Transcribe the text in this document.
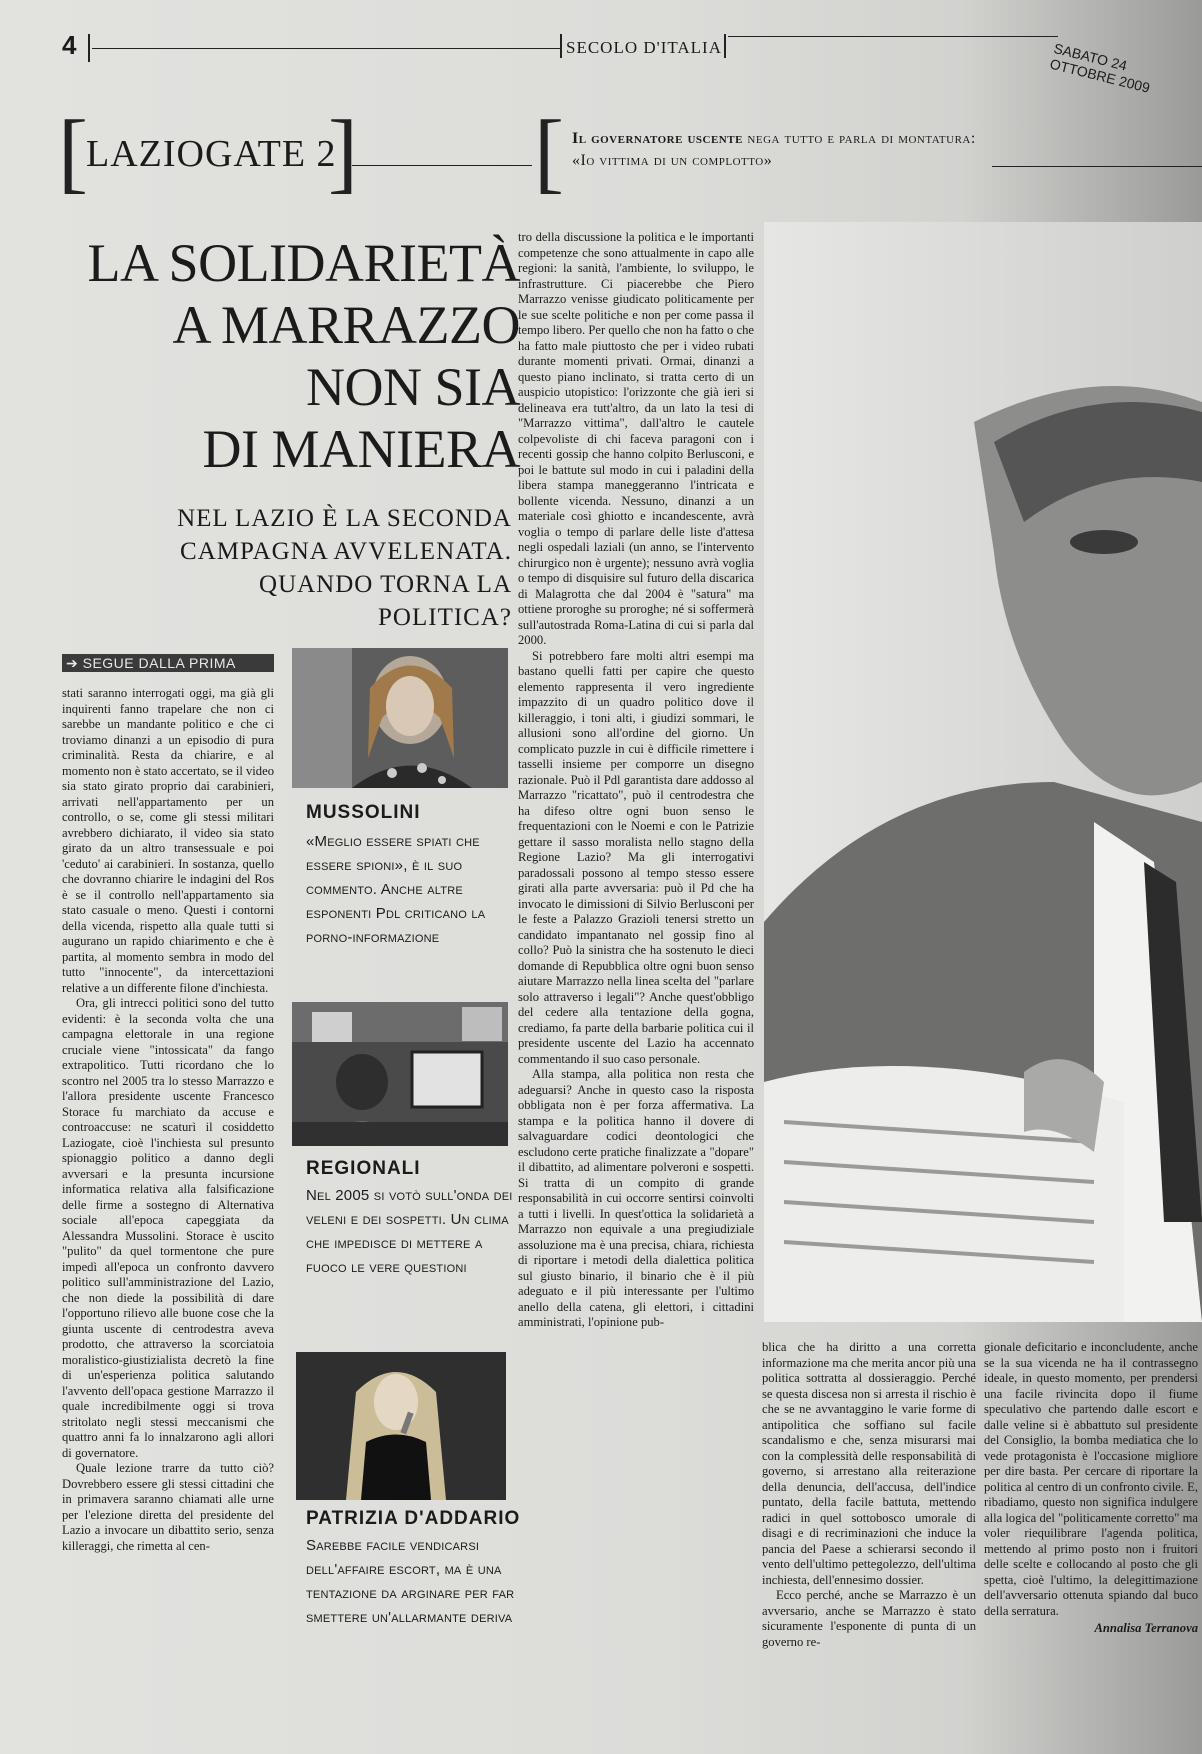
4	SECOLO D'ITALIA	SABATO 24 OTTOBRE 2009
[
LAZIOGATE 2
] [ Il governatore uscente nega tutto e parla di montatura: «Io vittima di un complotto»
LA SOLIDARIETÀ
A MARRAZZO
NON SIA
DI MANIERA
NEL LAZIO È LA SECONDA
CAMPAGNA AVVELENATA.
QUANDO TORNA LA POLITICA?
➔ SEGUE DALLA PRIMA

stati saranno interrogati oggi, ma già gli inquirenti fanno trapelare che non ci sarebbe un mandante politico e che ci troviamo dinanzi a un episodio di pura criminalità. Resta da chiarire, e al momento non è stato accertato, se il video sia stato girato proprio dai carabinieri, arrivati nell'appartamento per un controllo, o se, come gli stessi militari avrebbero dichiarato, il video sia stato girato da un altro transessuale e poi 'ceduto' ai carabinieri. In sostanza, quello che dovranno chiarire le indagini del Ros è se il controllo nell'appartamento sia stato casuale o meno. Questi i contorni della vicenda, rispetto alla quale tutti si augurano un rapido chiarimento e che è partita, al momento sembra in modo del tutto "innocente", da intercettazioni relative a un differente filone d'inchiesta.

Ora, gli intrecci politici sono del tutto evidenti: è la seconda volta che una campagna elettorale in una regione cruciale viene "intossicata" da fango extrapolitico. Tutti ricordano che lo scontro nel 2005 tra lo stesso Marrazzo e l'allora presidente uscente Francesco Storace fu marchiato da accuse e controaccuse: ne scaturì il cosiddetto Laziogate, cioè l'inchiesta sul presunto spionaggio politico a danno degli avversari e la presunta incursione informatica relativa alla falsificazione delle firme a sostegno di Alternativa sociale all'epoca capeggiata da Alessandra Mussolini. Storace è uscito "pulito" da quel tormentone che pure impedì all'epoca un confronto davvero politico sull'amministrazione del Lazio, che non diede la possibilità di dare l'opportuno rilievo alle buone cose che la giunta uscente di centrodestra aveva prodotto, che attraverso la scorciatoia moralistico-giustizialista decretò la fine di un'esperienza politica salutando l'avvento dell'opaca gestione Marrazzo il quale incredibilmente oggi si trova stritolato negli stessi meccanismi che quattro anni fa lo innalzarono agli allori di governatore.

Quale lezione trarre da tutto ciò? Dovrebbero essere gli stessi cittadini che in primavera saranno chiamati alle urne per l'elezione diretta del presidente del Lazio a invocare un dibattito serio, senza killeraggi, che rimetta al cen-

MUSSOLINI
«Meglio essere spiati che essere spioni», è il suo commento. Anche altre esponenti Pdl criticano la porno-informazione
REGIONALI
Nel 2005 si votò sull'onda dei veleni e dei sospetti. Un clima che impedisce di mettere a fuoco le vere questioni
PATRIZIA D'ADDARIO
Sarebbe facile vendicarsi dell'affaire escort, ma è una tentazione da arginare per far smettere un'allarmante deriva

tro della discussione la politica e le importanti competenze che sono attualmente in capo alle regioni: la sanità, l'ambiente, lo sviluppo, le infrastrutture. Ci piacerebbe che Piero Marrazzo venisse giudicato politicamente per le sue scelte politiche e non per come passa il tempo libero. Per quello che non ha fatto o che ha fatto male piuttosto che per i video rubati durante momenti privati. Ormai, dinanzi a questo piano inclinato, si tratta certo di un auspicio utopistico: l'orizzonte che già ieri si delineava era tutt'altro, da un lato la tesi di "Marrazzo vittima", dall'altro le cautele colpevoliste di chi faceva paragoni con i recenti gossip che hanno colpito Berlusconi, e poi le battute sul modo in cui i paladini della libera stampa maneggeranno l'intricata e bollente vicenda. Nessuno, dinanzi a un materiale così ghiotto e incandescente, avrà voglia o tempo di parlare delle liste d'attesa negli ospedali laziali (un anno, se l'intervento chirurgico non è urgente); nessuno avrà voglia o tempo di disquisire sul futuro della discarica di Malagrotta che dal 2004 è "satura" ma ottiene proroghe su proroghe; né si soffermerà sull'autostrada Roma-Latina di cui si parla dal 2000.

Si potrebbero fare molti altri esempi ma bastano quelli fatti per capire che questo elemento rappresenta il vero ingrediente impazzito di un quadro politico dove il killeraggio, i toni alti, i giudizi sommari, le allusioni sono all'ordine del giorno. Un complicato puzzle in cui è difficile rimettere i tasselli insieme per comporre un disegno razionale. Può il Pdl garantista dare addosso al Marrazzo "ricattato", può il centrodestra che ha difeso oltre ogni buon senso le frequentazioni con le Noemi e con le Patrizie gettare il sasso moralista nello stagno della Regione Lazio? Ma gli interrogativi paradossali possono al tempo stesso essere girati alla parte avversaria: può il Pd che ha invocato le dimissioni di Silvio Berlusconi per le feste a Palazzo Grazioli tenersi stretto un candidato impantanato nel gossip fino al collo? Può la sinistra che ha sostenuto le dieci domande di Repubblica oltre ogni buon senso aiutare Marrazzo nella linea scelta del "parlare solo attraverso i legali"? Anche quest'obbligo del cedere alla tentazione della gogna, crediamo, fa parte della barbarie politica cui il presidente uscente del Lazio ha accennato commentando il suo caso personale.

Alla stampa, alla politica non resta che adeguarsi? Anche in questo caso la risposta obbligata non è per forza affermativa. La stampa e la politica hanno il dovere di salvaguardare codici deontologici che escludono certe pratiche finalizzate a "dopare" il dibattito, ad alimentare polveroni e sospetti. Si tratta di un compito di grande responsabilità in cui occorre sentirsi coinvolti a tutti i livelli. In quest'ottica la solidarietà a Marrazzo non equivale a una pregiudiziale assoluzione ma è una precisa, chiara, richiesta di riportare i metodi della dialettica politica sul giusto binario, il binario che è il più adeguato e il più interessante per l'ultimo anello della catena, gli elettori, i cittadini amministrati, l'opinione pub-

blica che ha diritto a una corretta informazione ma che merita ancor più una politica sottratta al dossieraggio. Perché se questa discesa non si arresta il rischio è che se ne avvantaggino le varie forme di antipolitica che soffiano sul facile scandalismo e che, senza misurarsi mai con la complessità delle responsabilità di governo, si arrestano alla reiterazione della denuncia, dell'accusa, dell'indice puntato, della facile battuta, mettendo radici in quel sottobosco umorale di disagi e di recriminazioni che induce la pancia del Paese a schierarsi secondo il vento dell'ultimo pettegolezzo, dell'ultima inchiesta, dell'ennesimo dossier.

Ecco perché, anche se Marrazzo è un avversario, anche se Marrazzo è stato sicuramente l'esponente di punta di un governo re-

gionale deficitario e inconcludente, anche se la sua vicenda ne ha il contrassegno ideale, in questo momento, per prendersi una facile rivincita dopo il fiume speculativo che partendo dalle escort e dalle veline si è abbattuto sul presidente del Consiglio, la bomba mediatica che lo vede protagonista è l'occasione migliore per dire basta. Per cercare di riportare la politica al centro di un confronto civile. E, ribadiamo, questo non significa indulgere alla logica del "politicamente corretto" ma voler riequilibrare l'agenda politica, mettendo al primo posto non i fruitori delle scelte e collocando al posto che gli spetta, cioè l'ultimo, la delegittimazione dell'avversario ottenuta spiando dal buco della serratura.

Annalisa Terranova
